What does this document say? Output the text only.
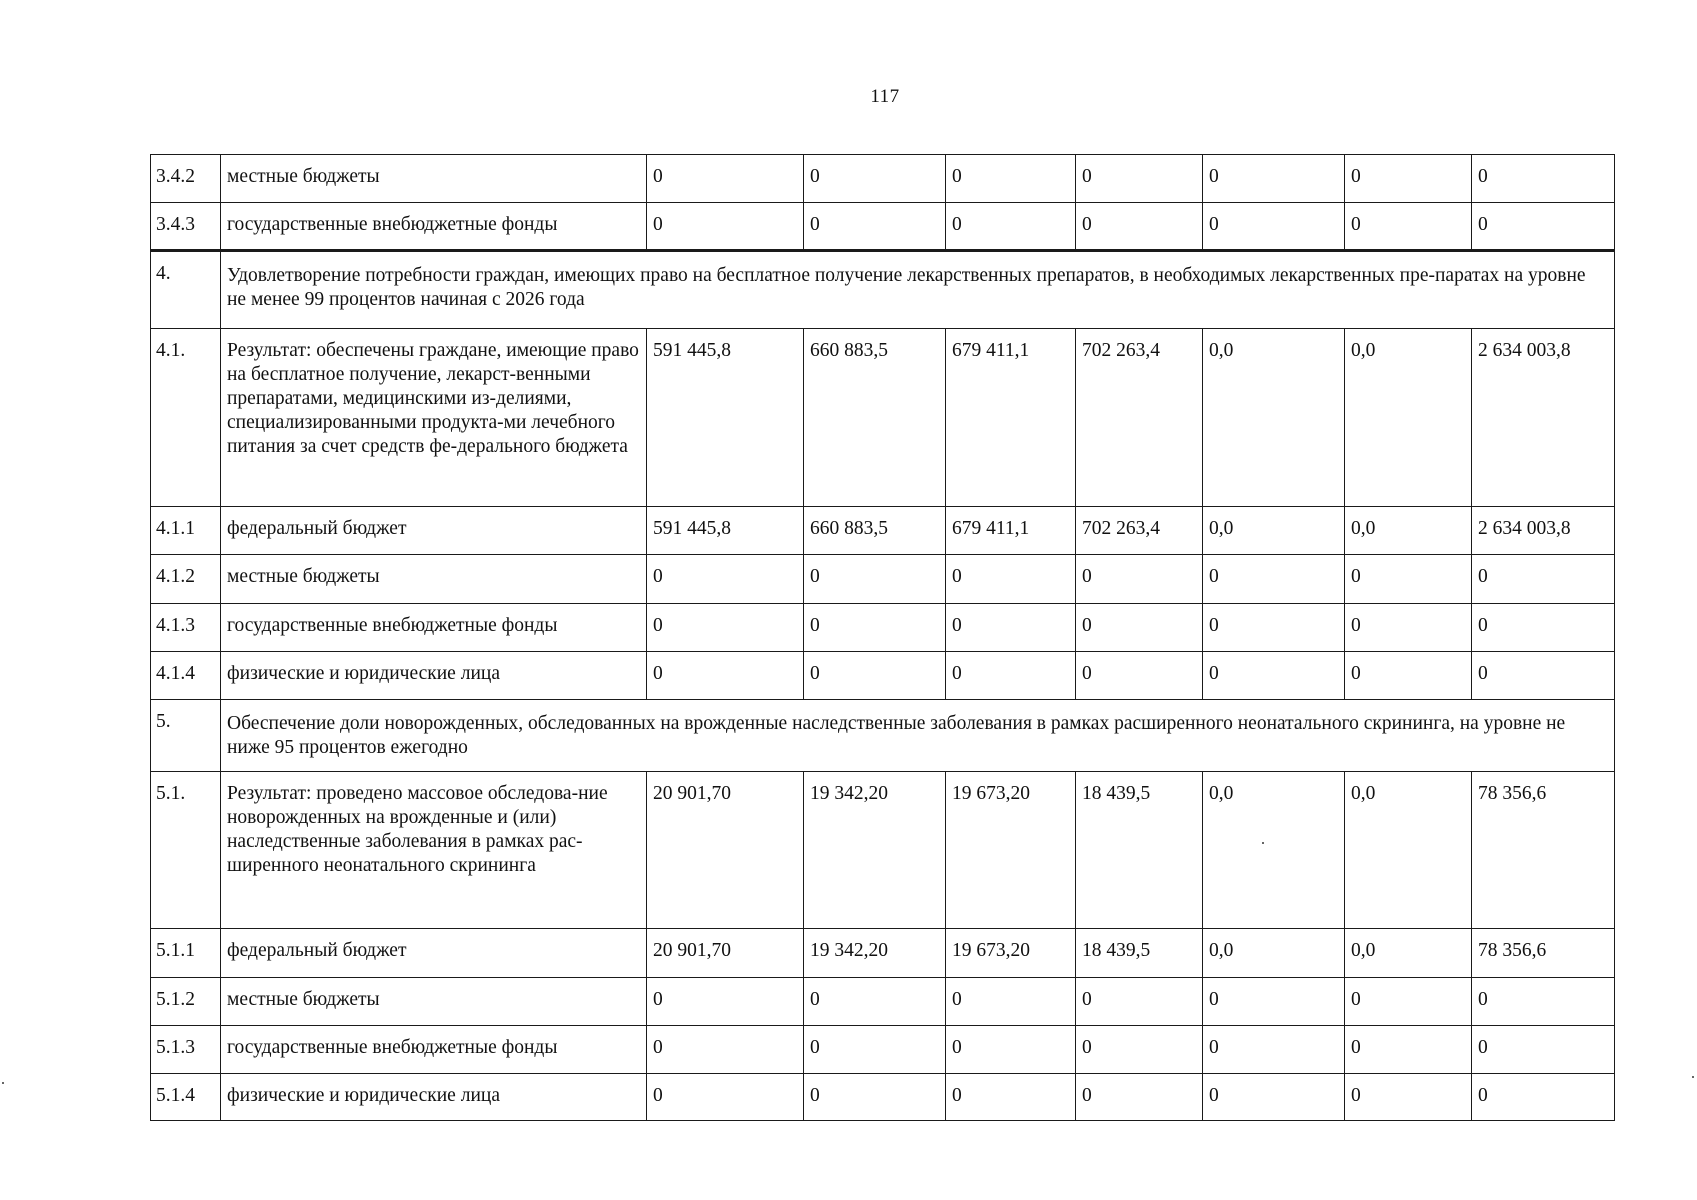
117
3.4.2	местные бюджеты	0	0	0	0	0	0	0
3.4.3	государственные внебюджетные фонды	0	0	0	0	0	0	0
4.	Удовлетворение потребности граждан, имеющих право на бесплатное получение лекарственных препаратов, в необходимых лекарственных пре-паратах на уровне не менее 99 процентов начиная с 2026 года							
4.1.	Результат: обеспечены граждане, имеющие право на бесплатное получение, лекарст-венными препаратами, медицинскими из-делиями, специализированными продукта-ми лечебного питания за счет средств фе-дерального бюджета	591 445,8	660 883,5	679 411,1	702 263,4	0,0	0,0	2 634 003,8
4.1.1	федеральный бюджет	591 445,8	660 883,5	679 411,1	702 263,4	0,0	0,0	2 634 003,8
4.1.2	местные бюджеты	0	0	0	0	0	0	0
4.1.3	государственные внебюджетные фонды	0	0	0	0	0	0	0
4.1.4	физические и юридические лица	0	0	0	0	0	0	0
5.	Обеспечение доли новорожденных, обследованных на врожденные наследственные заболевания в рамках расширенного неонатального скрининга, на уровне не ниже 95 процентов ежегодно							
5.1.	Результат: проведено массовое обследова-ние новорожденных на врожденные и (или) наследственные заболевания в рамках рас-ширенного неонатального скрининга	20 901,70	19 342,20	19 673,20	18 439,5	0,0	0,0	78 356,6
5.1.1	федеральный бюджет	20 901,70	19 342,20	19 673,20	18 439,5	0,0	0,0	78 356,6
5.1.2	местные бюджеты	0	0	0	0	0	0	0
5.1.3	государственные внебюджетные фонды	0	0	0	0	0	0	0
5.1.4	физические и юридические лица	0	0	0	0	0	0	0
